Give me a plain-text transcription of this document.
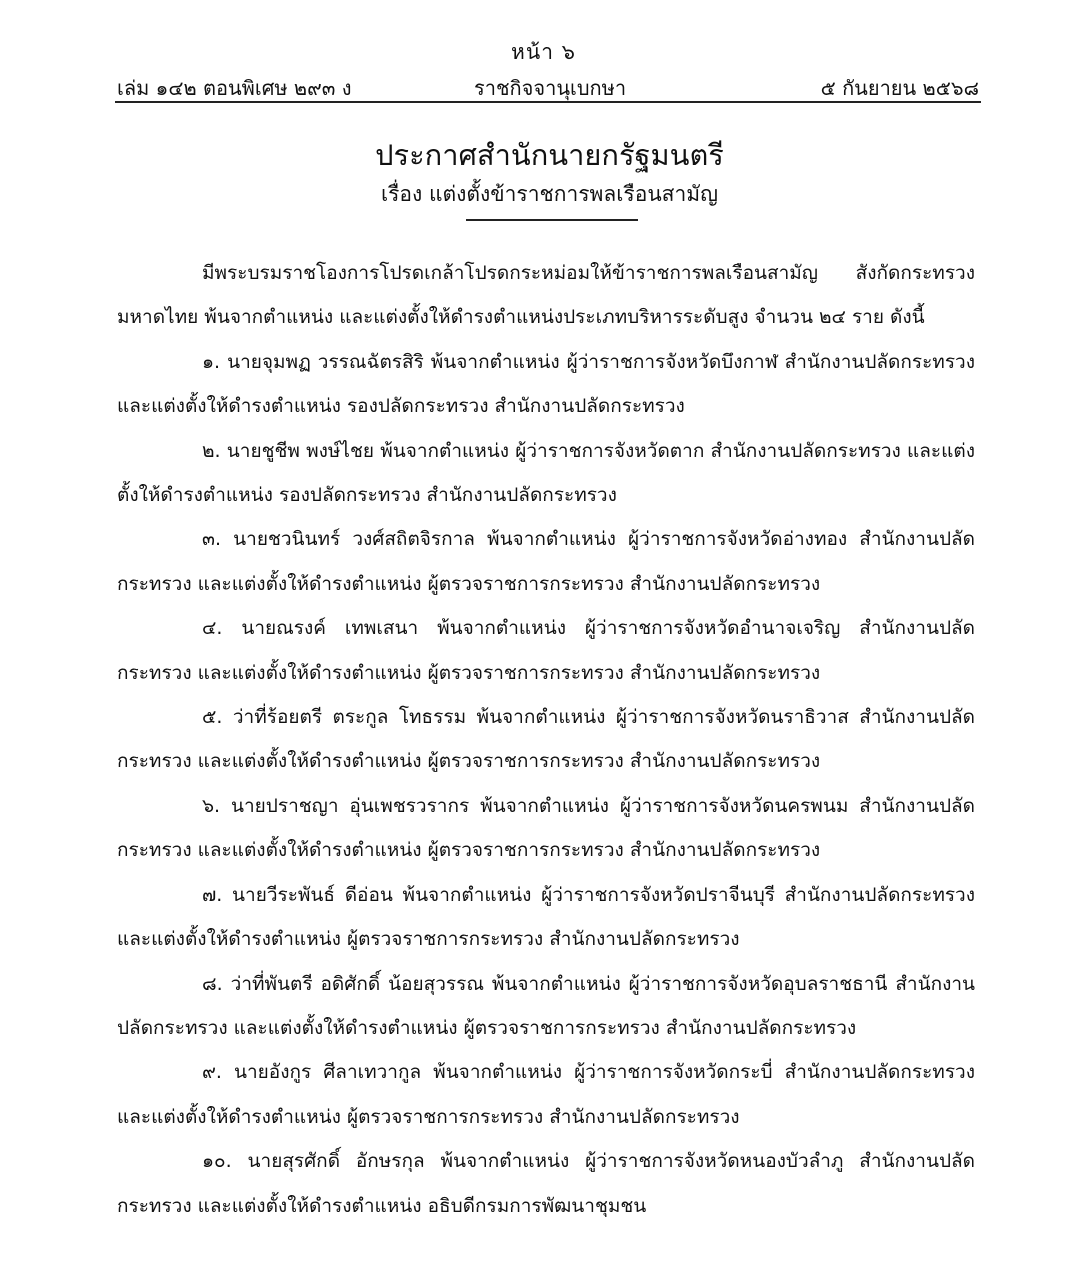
หน้า ๖
เล่ม ๑๔๒ ตอนพิเศษ ๒๙๓ ง	ราชกิจจานุเบกษา	๕ กันยายน ๒๕๖๘
ประกาศสำนักนายกรัฐมนตรี
เรื่อง แต่งตั้งข้าราชการพลเรือนสามัญ

มีพระบรมราชโองการโปรดเกล้าโปรดกระหม่อมให้ข้าราชการพลเรือนสามัญ สังกัดกระทรวงมหาดไทย พ้นจากตำแหน่ง และแต่งตั้งให้ดำรงตำแหน่งประเภทบริหารระดับสูง จำนวน ๒๔ ราย ดังนี้

๑. นายจุมพฏ วรรณฉัตรสิริ พ้นจากตำแหน่ง ผู้ว่าราชการจังหวัดบึงกาฬ สำนักงานปลัดกระทรวง และแต่งตั้งให้ดำรงตำแหน่ง รองปลัดกระทรวง สำนักงานปลัดกระทรวง

๒. นายชูชีพ พงษ์ไชย พ้นจากตำแหน่ง ผู้ว่าราชการจังหวัดตาก สำนักงานปลัดกระทรวง และแต่งตั้งให้ดำรงตำแหน่ง รองปลัดกระทรวง สำนักงานปลัดกระทรวง

๓. นายชวนินทร์ วงศ์สถิตจิรกาล พ้นจากตำแหน่ง ผู้ว่าราชการจังหวัดอ่างทอง สำนักงานปลัดกระทรวง และแต่งตั้งให้ดำรงตำแหน่ง ผู้ตรวจราชการกระทรวง สำนักงานปลัดกระทรวง

๔. นายณรงค์ เทพเสนา พ้นจากตำแหน่ง ผู้ว่าราชการจังหวัดอำนาจเจริญ สำนักงานปลัดกระทรวง และแต่งตั้งให้ดำรงตำแหน่ง ผู้ตรวจราชการกระทรวง สำนักงานปลัดกระทรวง

๕. ว่าที่ร้อยตรี ตระกูล โทธรรม พ้นจากตำแหน่ง ผู้ว่าราชการจังหวัดนราธิวาส สำนักงานปลัดกระทรวง และแต่งตั้งให้ดำรงตำแหน่ง ผู้ตรวจราชการกระทรวง สำนักงานปลัดกระทรวง

๖. นายปราชญา อุ่นเพชรวรากร พ้นจากตำแหน่ง ผู้ว่าราชการจังหวัดนครพนม สำนักงานปลัดกระทรวง และแต่งตั้งให้ดำรงตำแหน่ง ผู้ตรวจราชการกระทรวง สำนักงานปลัดกระทรวง

๗. นายวีระพันธ์ ดีอ่อน พ้นจากตำแหน่ง ผู้ว่าราชการจังหวัดปราจีนบุรี สำนักงานปลัดกระทรวง และแต่งตั้งให้ดำรงตำแหน่ง ผู้ตรวจราชการกระทรวง สำนักงานปลัดกระทรวง

๘. ว่าที่พันตรี อดิศักดิ์ น้อยสุวรรณ พ้นจากตำแหน่ง ผู้ว่าราชการจังหวัดอุบลราชธานี สำนักงานปลัดกระทรวง และแต่งตั้งให้ดำรงตำแหน่ง ผู้ตรวจราชการกระทรวง สำนักงานปลัดกระทรวง

๙. นายอังกูร ศีลาเทวากูล พ้นจากตำแหน่ง ผู้ว่าราชการจังหวัดกระบี่ สำนักงานปลัดกระทรวง และแต่งตั้งให้ดำรงตำแหน่ง ผู้ตรวจราชการกระทรวง สำนักงานปลัดกระทรวง

๑๐. นายสุรศักดิ์ อักษรกุล พ้นจากตำแหน่ง ผู้ว่าราชการจังหวัดหนองบัวลำภู สำนักงานปลัดกระทรวง และแต่งตั้งให้ดำรงตำแหน่ง อธิบดีกรมการพัฒนาชุมชน
